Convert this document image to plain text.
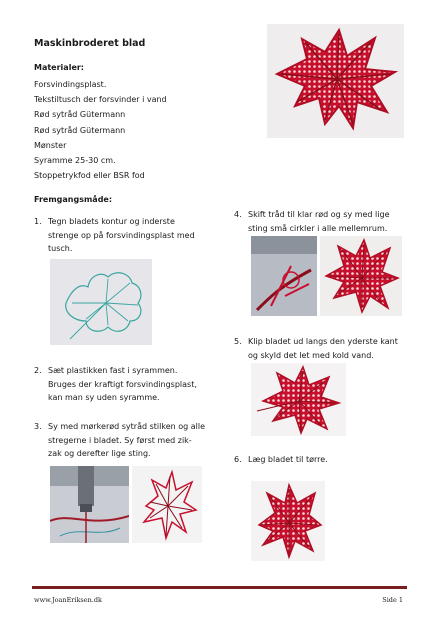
Maskinbroderet blad
Materialer:
Forsvindingsplast.
Tekstiltusch der forsvinder i vand
Rød sytråd Gütermann
Rød sytråd Gütermann
Mønster
Syramme 25-30 cm.
Stoppetrykfod eller BSR fod
Fremgangsmåde:
1. Tegn bladets kontur og inderste
strenge op på forsvindingsplast med
tusch.
2. Sæt plastikken fast i syrammen.
Bruges der kraftigt forsvindingsplast,
kan man sy uden syramme.
3. Sy med mørkerød sytråd stilken og alle
stregerne i bladet. Sy først med zik-
zak og derefter lige sting.
4. Skift tråd til klar rød og sy med lige
sting små cirkler i alle mellemrum.
5. Klip bladet ud langs den yderste kant
og skyld det let med kold vand.
6. Læg bladet til tørre.
www.JoanEriksen.dk	Side 1
